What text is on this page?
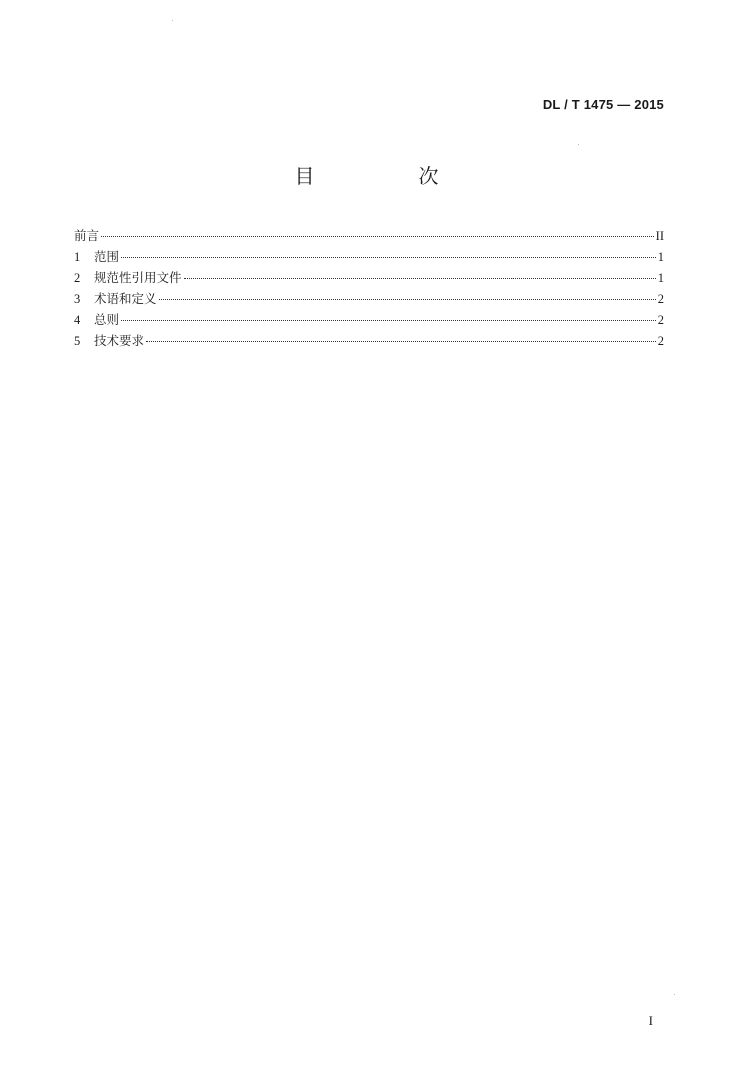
DL / T 1475 — 2015
目　次
前言	II
1	范围	1
2	规范性引用文件	1
3	术语和定义	2
4	总则	2
5	技术要求	2
I
